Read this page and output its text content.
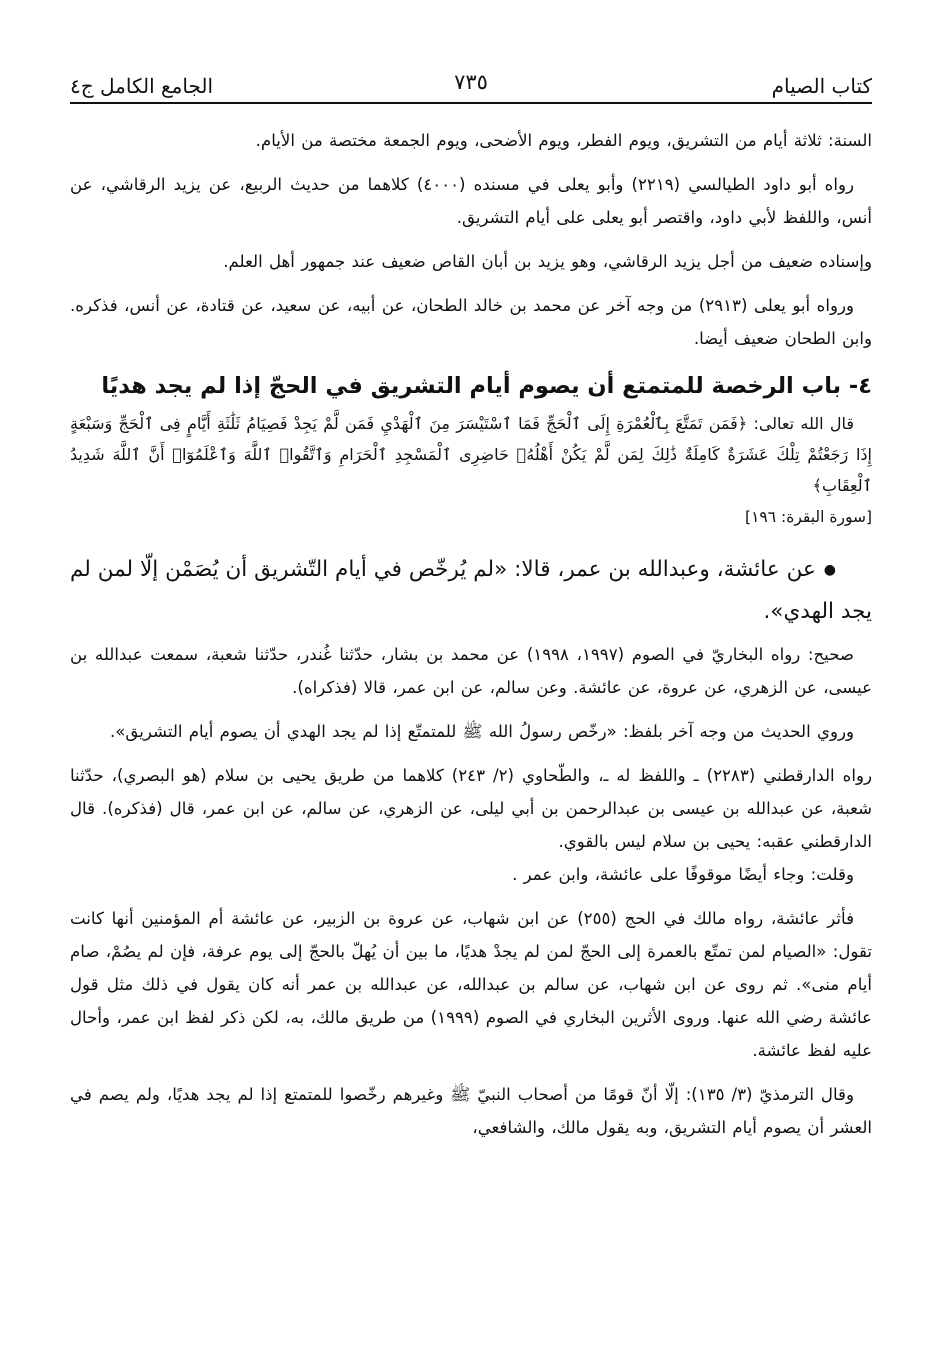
كتاب الصيام
٧٣٥
الجامع الكامل ج٤

السنة: ثلاثة أيام من التشريق، ويوم الفطر، ويوم الأضحى، ويوم الجمعة مختصة من الأيام.

رواه أبو داود الطيالسي (٢٢١٩) وأبو يعلى في مسنده (٤٠٠٠) كلاهما من حديث الربيع، عن يزيد الرقاشي، عن أنس، واللفظ لأبي داود، واقتصر أبو يعلى على أيام التشريق.

وإسناده ضعيف من أجل يزيد الرقاشي، وهو يزيد بن أبان القاص ضعيف عند جمهور أهل العلم.

ورواه أبو يعلى (٢٩١٣) من وجه آخر عن محمد بن خالد الطحان، عن أبيه، عن سعيد، عن قتادة، عن أنس، فذكره. وابن الطحان ضعيف أيضا.

٤- باب الرخصة للمتمتع أن يصوم أيام التشريق في الحجّ إذا لم يجد هديًا

قال الله تعالى: ﴿فَمَن تَمَتَّعَ بِٱلْعُمْرَةِ إِلَى ٱلْحَجِّ فَمَا ٱسْتَيْسَرَ مِنَ ٱلْهَدْيِ فَمَن لَّمْ يَجِدْ فَصِيَامُ ثَلَٰثَةِ أَيَّامٍ فِى ٱلْحَجِّ وَسَبْعَةٍ إِذَا رَجَعْتُمْ تِلْكَ عَشَرَةٌ كَامِلَةٌ ذَٰلِكَ لِمَن لَّمْ يَكُنْ أَهْلُهُۥ حَاضِرِى ٱلْمَسْجِدِ ٱلْحَرَامِ وَٱتَّقُوا۟ ٱللَّهَ وَٱعْلَمُوٓا۟ أَنَّ ٱللَّهَ شَدِيدُ ٱلْعِقَابِ﴾

[سورة البقرة: ١٩٦]

●عن عائشة، وعبدالله بن عمر، قالا: «لم يُرخّص في أيام التّشريق أن يُصَمْن إلّا لمن لم يجد الهدي».

صحيح: رواه البخاريّ في الصوم (١٩٩٧، ١٩٩٨) عن محمد بن بشار، حدّثنا غُندر، حدّثنا شعبة، سمعت عبدالله بن عيسى، عن الزهري، عن عروة، عن عائشة. وعن سالم، عن ابن عمر، قالا (فذكراه).

وروي الحديث من وجه آخر بلفظ: «رخّص رسولُ الله ﷺ للمتمتّع إذا لم يجد الهدي أن يصوم أيام التشريق».

رواه الدارقطني (٢٢٨٣) ـ واللفظ له ـ، والطّحاوي (٢/ ٢٤٣) كلاهما من طريق يحيى بن سلام (هو البصري)، حدّثنا شعبة، عن عبدالله بن عيسى بن عبدالرحمن بن أبي ليلى، عن الزهري، عن سالم، عن ابن عمر، قال (فذكره). قال الدارقطني عقبه: يحيى بن سلام ليس بالقوي.

وقلت: وجاء أيضًا موقوفًا على عائشة، وابن عمر .

فأثر عائشة، رواه مالك في الحج (٢٥٥) عن ابن شهاب، عن عروة بن الزبير، عن عائشة أم المؤمنين أنها كانت تقول: «الصيام لمن تمتّع بالعمرة إلى الحجّ لمن لم يجدْ هديًا، ما بين أن يُهلّ بالحجّ إلى يوم عرفة، فإن لم يصُمْ، صام أيام منى». ثم روى عن ابن شهاب، عن سالم بن عبدالله، عن عبدالله بن عمر أنه كان يقول في ذلك مثل قول عائشة رضي الله عنها. وروى الأثرين البخاري في الصوم (١٩٩٩) من طريق مالك، به، لكن ذكر لفظ ابن عمر، وأحال عليه لفظ عائشة.

وقال الترمذيّ (٣/ ١٣٥): إلّا أنّ قومًا من أصحاب النبيّ ﷺ وغيرهم رخّصوا للمتمتع إذا لم يجد هديًا، ولم يصم في العشر أن يصوم أيام التشريق، وبه يقول مالك، والشافعي،
